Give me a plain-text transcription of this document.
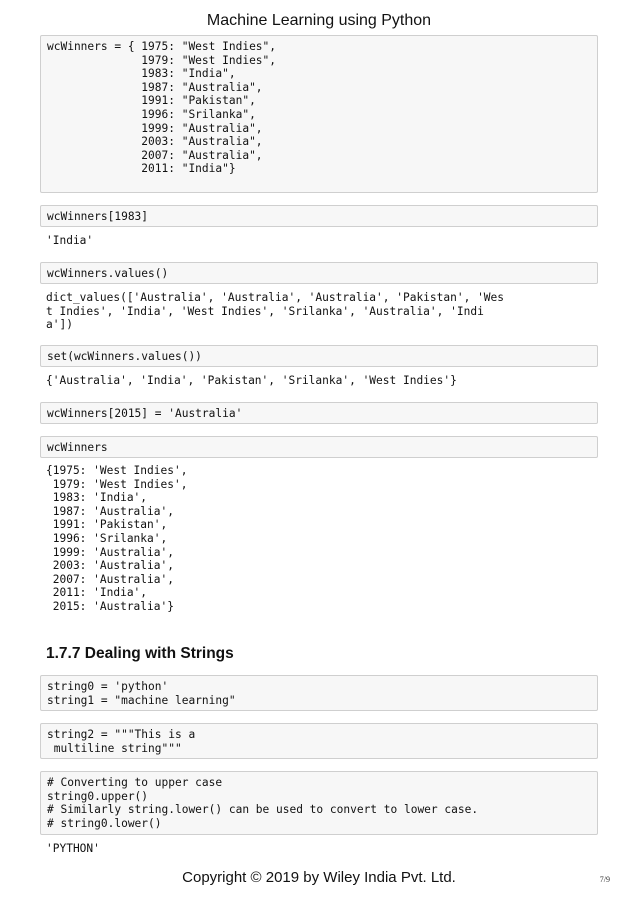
Machine Learning using Python
wcWinners = { 1975: "West Indies",
1979: "West Indies",
1983: "India",
1987: "Australia",
1991: "Pakistan",
1996: "Srilanka",
1999: "Australia",
2003: "Australia",
2007: "Australia",
2011: "India"}
wcWinners[1983]
'India'
wcWinners.values()
dict_values(['Australia', 'Australia', 'Australia', 'Pakistan', 'Wes
t Indies', 'India', 'West Indies', 'Srilanka', 'Australia', 'Indi
a'])
set(wcWinners.values())
{'Australia', 'India', 'Pakistan', 'Srilanka', 'West Indies'}
wcWinners[2015] = 'Australia'
wcWinners
{1975: 'West Indies',
1979: 'West Indies',
1983: 'India',
1987: 'Australia',
1991: 'Pakistan',
1996: 'Srilanka',
1999: 'Australia',
2003: 'Australia',
2007: 'Australia',
2011: 'India',
2015: 'Australia'}
1.7.7 Dealing with Strings
string0 = 'python'
string1 = "machine learning"
string2 = """This is a
multiline string"""
# Converting to upper case
string0.upper()
# Similarly string.lower() can be used to convert to lower case.
# string0.lower()
'PYTHON'
Copyright © 2019 by Wiley India Pvt. Ltd.	7/9
